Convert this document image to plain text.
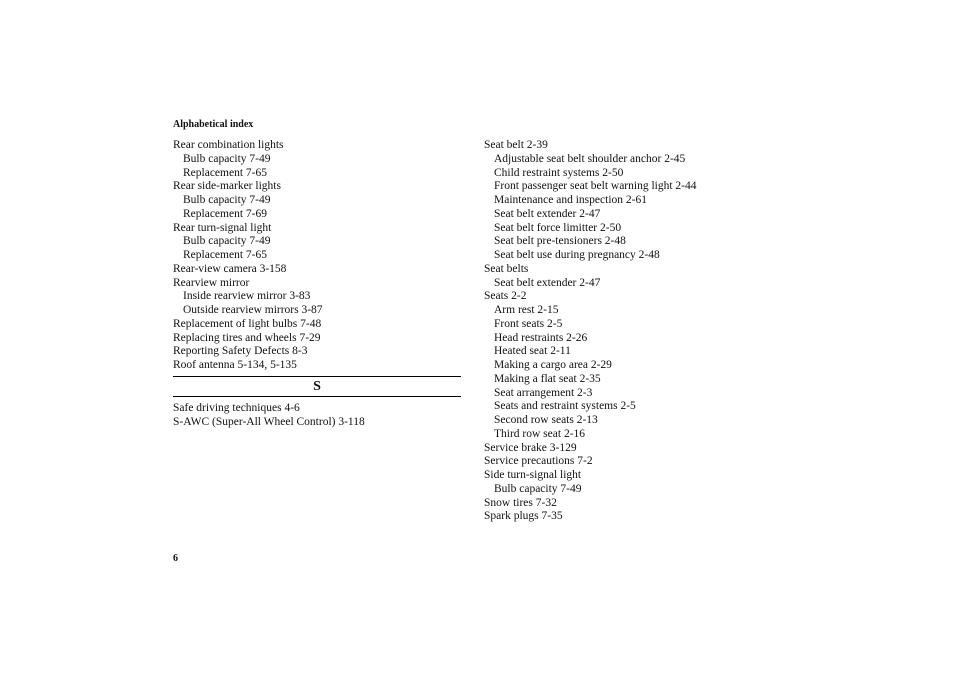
Alphabetical index
Rear combination lights
Bulb capacity 7-49
Replacement 7-65
Rear side-marker lights
Bulb capacity 7-49
Replacement 7-69
Rear turn-signal light
Bulb capacity 7-49
Replacement 7-65
Rear-view camera 3-158
Rearview mirror
Inside rearview mirror 3-83
Outside rearview mirrors 3-87
Replacement of light bulbs 7-48
Replacing tires and wheels 7-29
Reporting Safety Defects 8-3
Roof antenna 5-134, 5-135
S
Safe driving techniques 4-6
S-AWC (Super-All Wheel Control) 3-118
Seat belt 2-39
Adjustable seat belt shoulder anchor 2-45
Child restraint systems 2-50
Front passenger seat belt warning light 2-44
Maintenance and inspection 2-61
Seat belt extender 2-47
Seat belt force limitter 2-50
Seat belt pre-tensioners 2-48
Seat belt use during pregnancy 2-48
Seat belts
Seat belt extender 2-47
Seats 2-2
Arm rest 2-15
Front seats 2-5
Head restraints 2-26
Heated seat 2-11
Making a cargo area 2-29
Making a flat seat 2-35
Seat arrangement 2-3
Seats and restraint systems 2-5
Second row seats 2-13
Third row seat 2-16
Service brake 3-129
Service precautions 7-2
Side turn-signal light
Bulb capacity 7-49
Snow tires 7-32
Spark plugs 7-35
6
